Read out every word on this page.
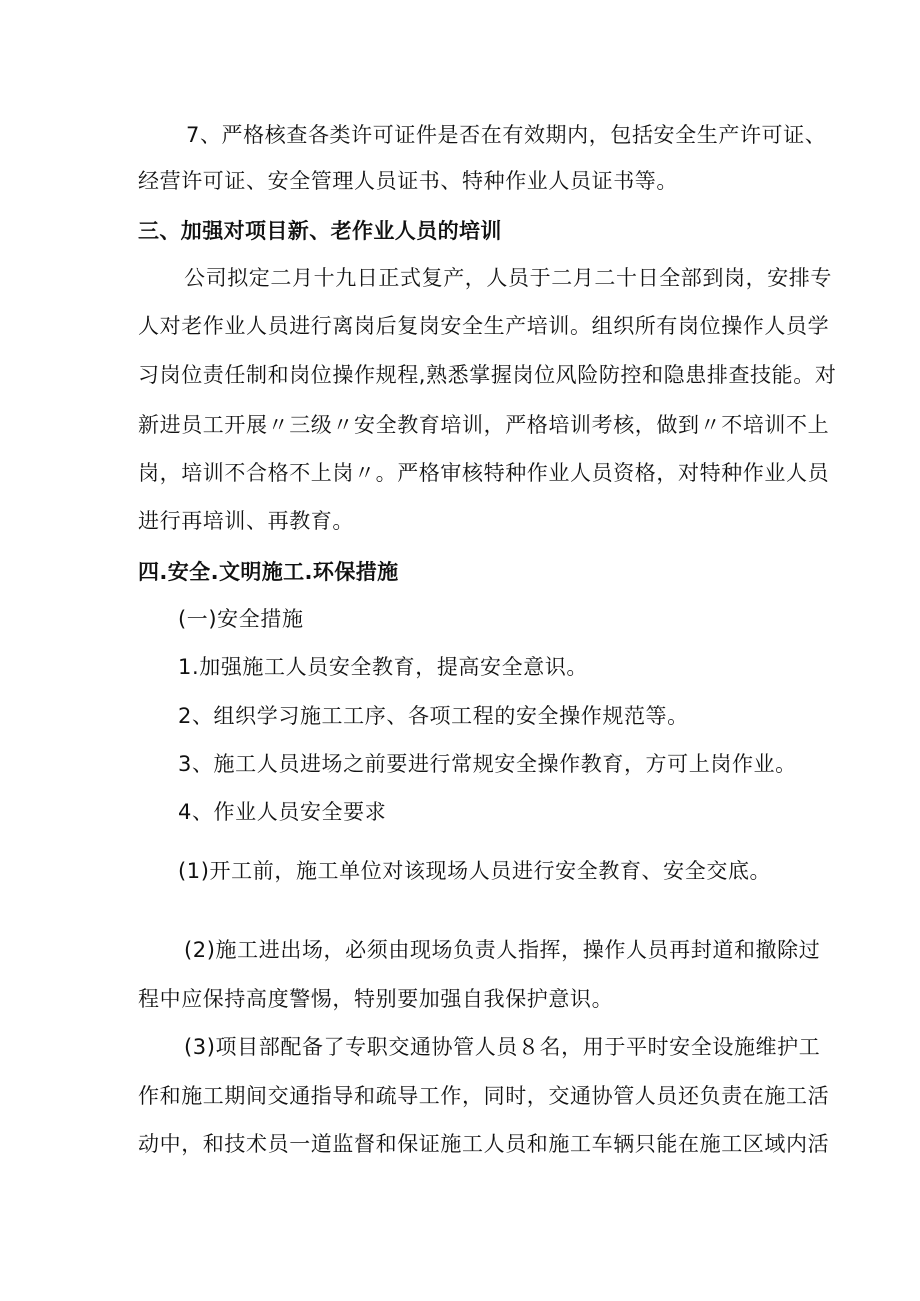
7、严格核查各类许可证件是否在有效期内，包括安全生产许可证、
经营许可证、安全管理人员证书、特种作业人员证书等。
三、加强对项目新、老作业人员的培训
公司拟定二月十九日正式复产，人员于二月二十日全部到岗，安排专
人对老作业人员进行离岗后复岗安全生产培训。组织所有岗位操作人员学
习岗位责任制和岗位操作规程,熟悉掌握岗位风险防控和隐患排查技能。对
新进员工开展〃三级〃安全教育培训，严格培训考核，做到〃不培训不上
岗，培训不合格不上岗〃。严格审核特种作业人员资格，对特种作业人员
进行再培训、再教育。
四.安全.文明施工.环保措施
(一)安全措施
1.加强施工人员安全教育，提高安全意识。
2、组织学习施工工序、各项工程的安全操作规范等。
3、施工人员进场之前要进行常规安全操作教育，方可上岗作业。
4、作业人员安全要求
(1)开工前，施工单位对该现场人员进行安全教育、安全交底。
(2)施工进出场，必须由现场负责人指挥，操作人员再封道和撤除过
程中应保持高度警惕，特别要加强自我保护意识。
(3)项目部配备了专职交通协管人员８名，用于平时安全设施维护工
作和施工期间交通指导和疏导工作，同时，交通协管人员还负责在施工活
动中，和技术员一道监督和保证施工人员和施工车辆只能在施工区域内活
